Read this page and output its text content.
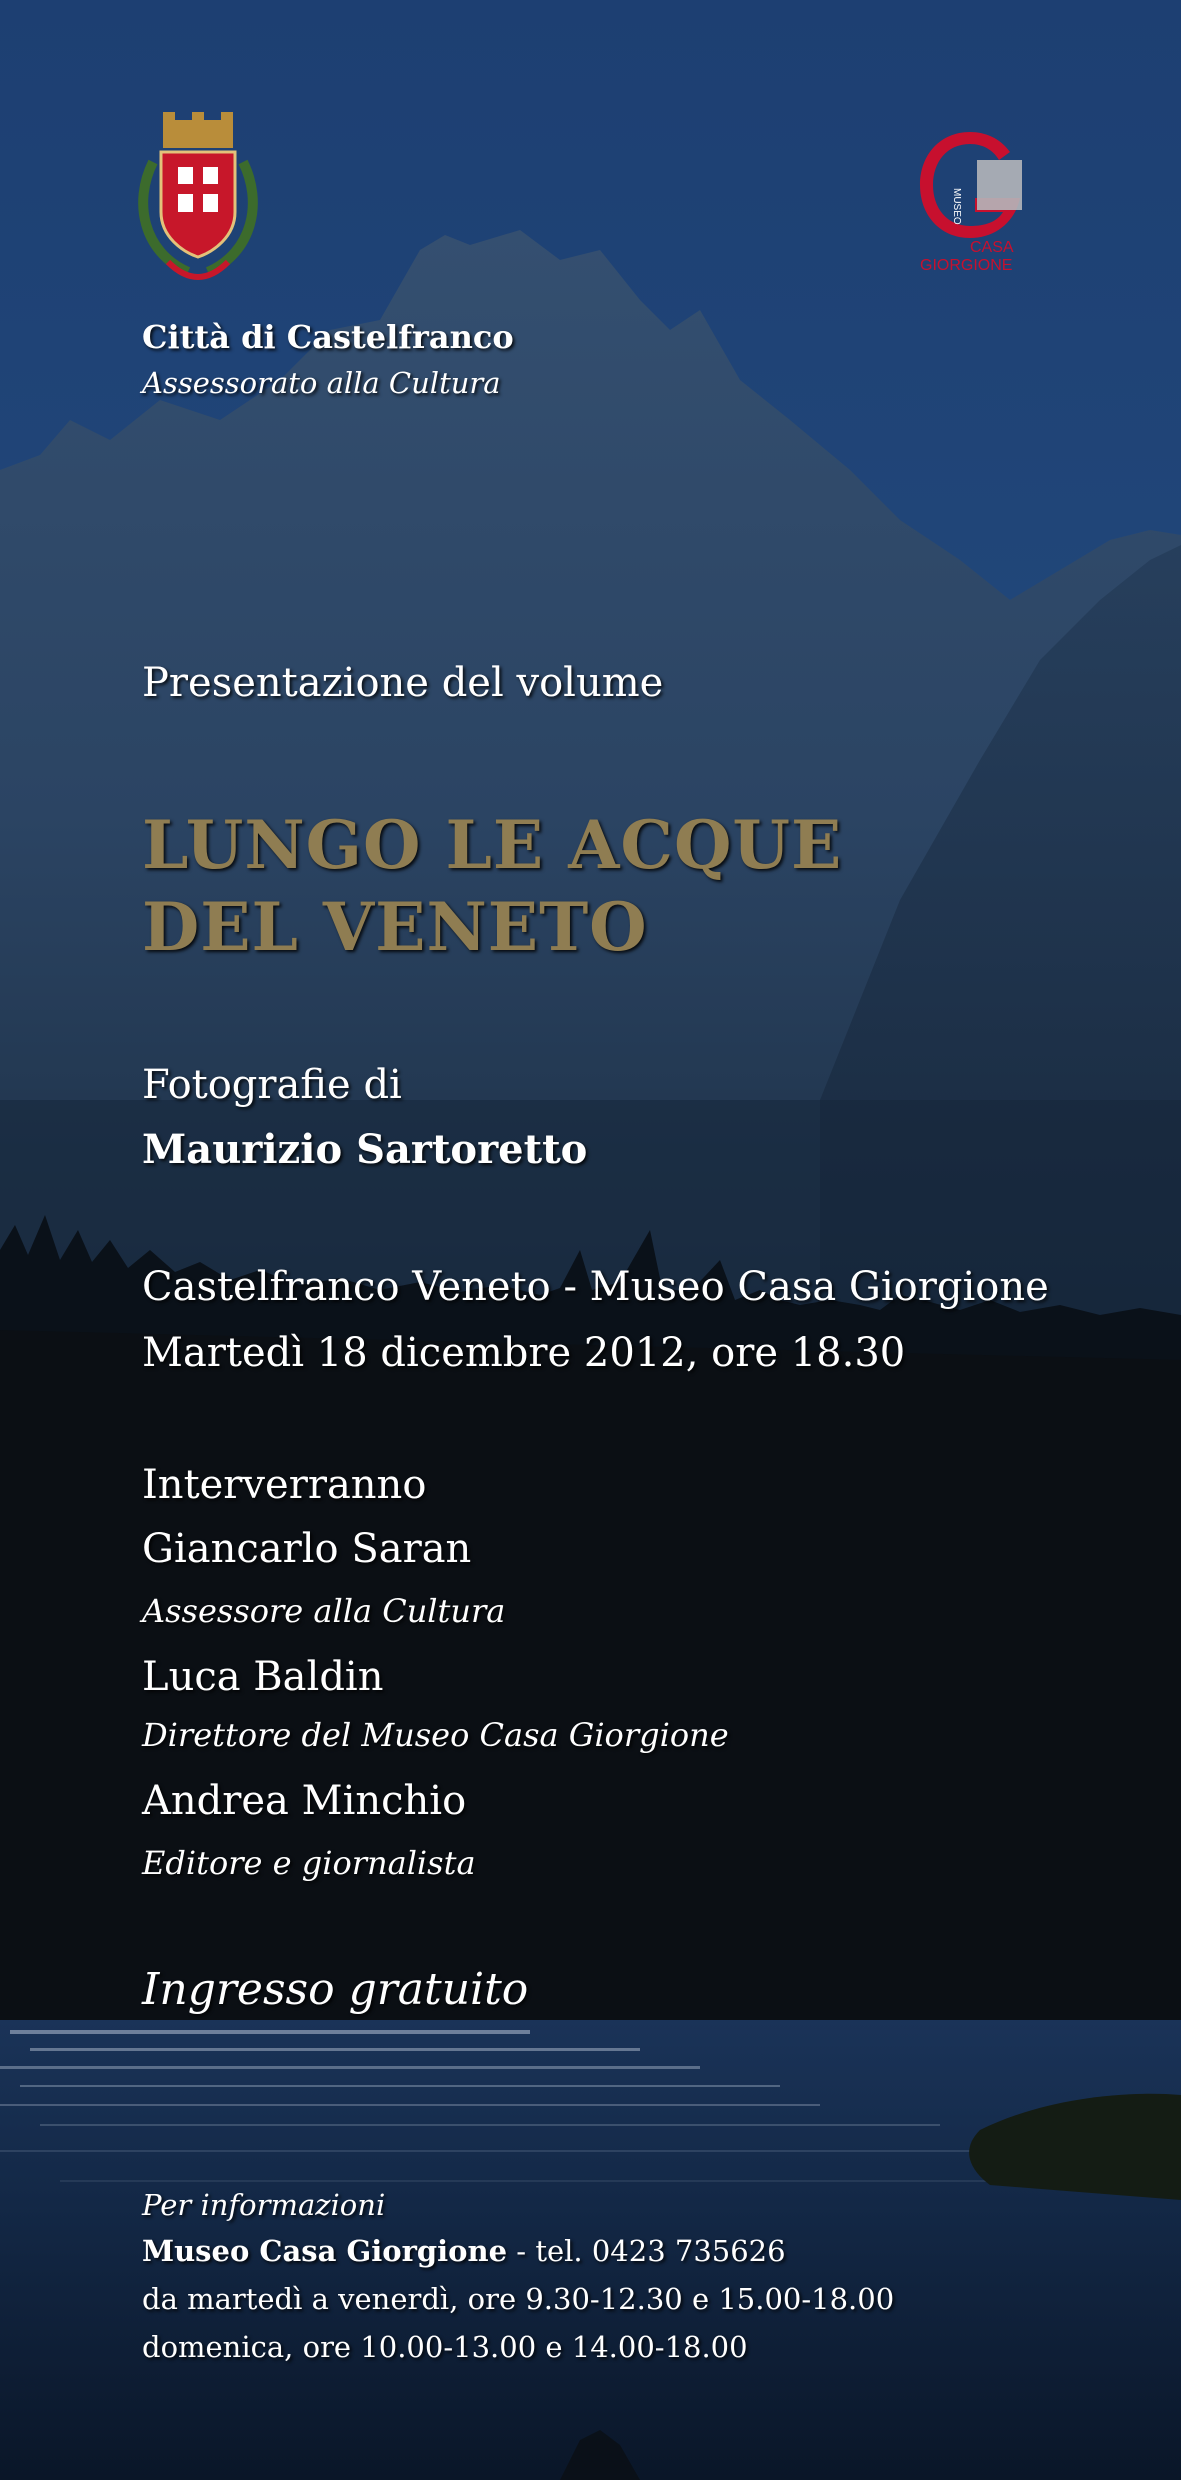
MUSEO
CASA
GIORGIONE
Città di Castelfranco
Assessorato alla Cultura
Presentazione del volume
LUNGO LE ACQUE
DEL VENETO
Fotografie di
Maurizio Sartoretto
Castelfranco Veneto - Museo Casa Giorgione
Martedì 18 dicembre 2012, ore 18.30
Interverranno
Giancarlo Saran
Assessore alla Cultura
Luca Baldin
Direttore del Museo Casa Giorgione
Andrea Minchio
Editore e giornalista
Ingresso gratuito
Per informazioni
Museo Casa Giorgione - tel. 0423 735626
da martedì a venerdì, ore 9.30-12.30 e 15.00-18.00
domenica, ore 10.00-13.00 e 14.00-18.00
